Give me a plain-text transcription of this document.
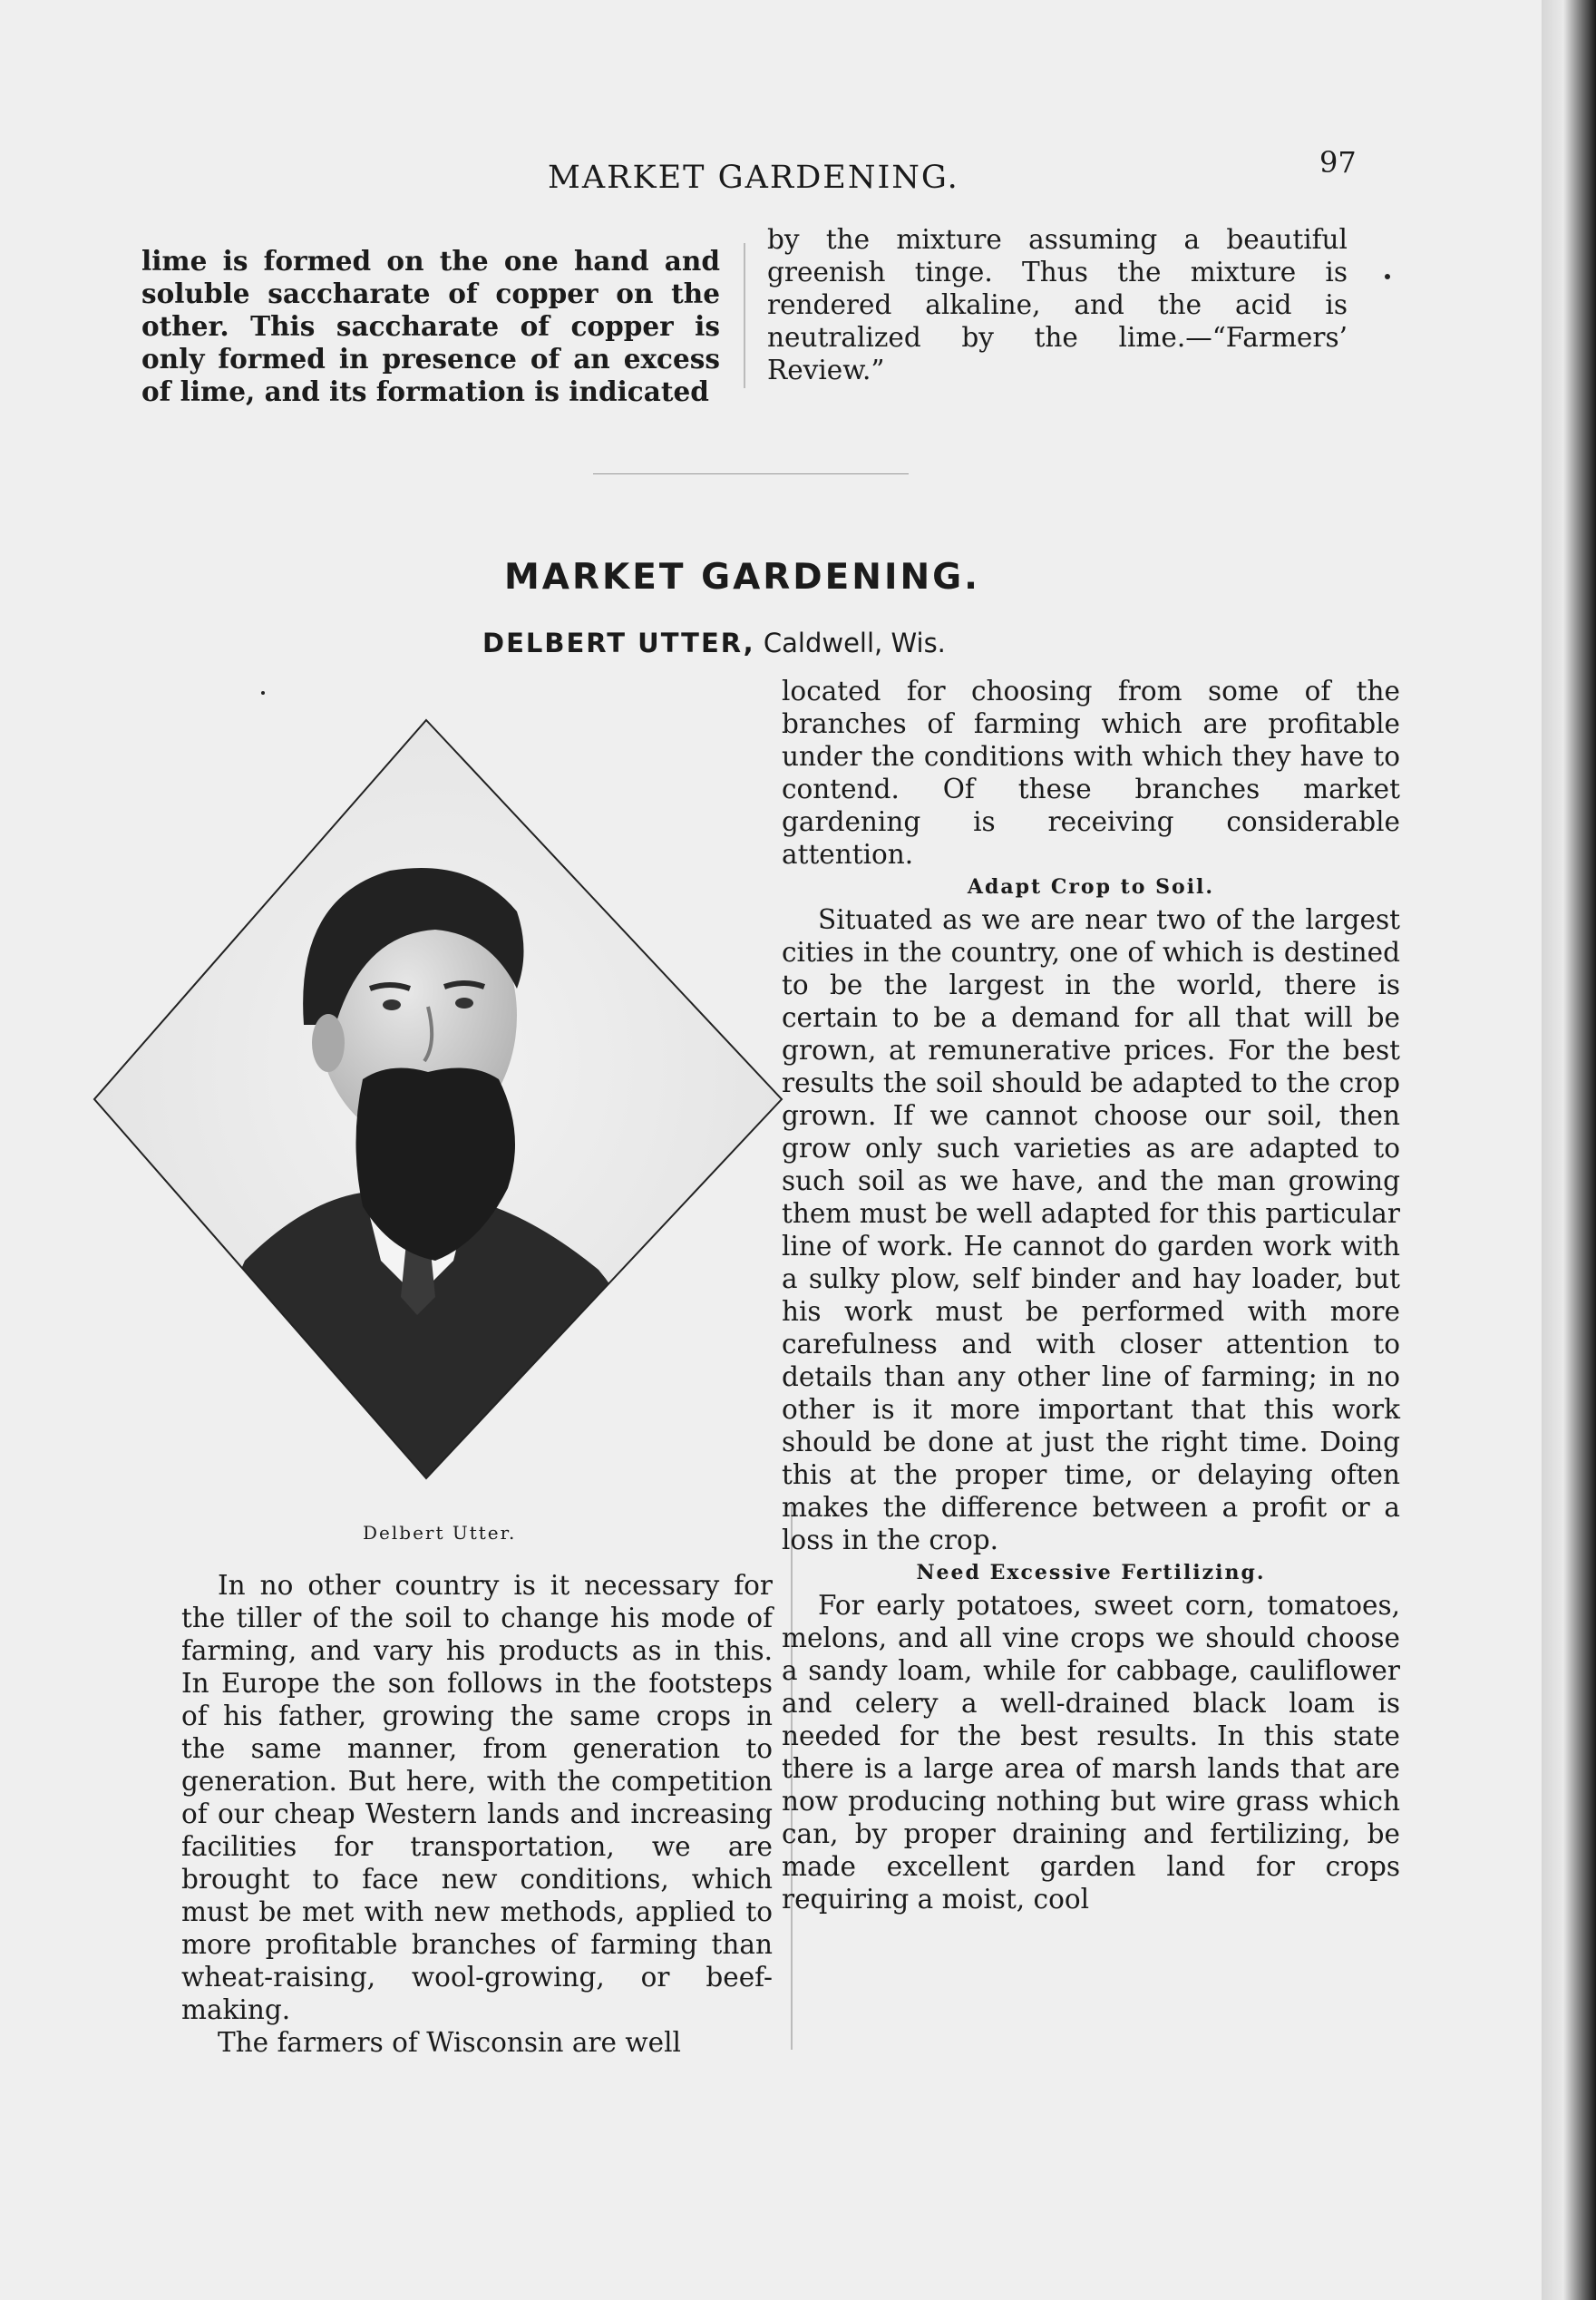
MARKET GARDENING.	97

lime is formed on the one hand and soluble saccharate of copper on the other. This saccharate of copper is only formed in presence of an excess of lime, and its formation is indicated

by the mixture assuming a beautiful greenish tinge. Thus the mixture is rendered alkaline, and the acid is neutralized by the lime.—“Farmers’ Review.”

MARKET GARDENING.
DELBERT UTTER, Caldwell, Wis.
Delbert Utter.

In no other country is it necessary for the tiller of the soil to change his mode of farming, and vary his products as in this. In Europe the son follows in the footsteps of his father, growing the same crops in the same manner, from generation to generation. But here, with the competition of our cheap Western lands and increasing facilities for transportation, we are brought to face new conditions, which must be met with new methods, applied to more profitable branches of farming than wheat-raising, wool-growing, or beef-making.

The farmers of Wisconsin are well

located for choosing from some of the branches of farming which are profitable under the conditions with which they have to contend. Of these branches market gardening is receiving considerable attention.

Adapt Crop to Soil.

Situated as we are near two of the largest cities in the country, one of which is destined to be the largest in the world, there is certain to be a demand for all that will be grown, at remunerative prices. For the best results the soil should be adapted to the crop grown. If we cannot choose our soil, then grow only such varieties as are adapted to such soil as we have, and the man growing them must be well adapted for this particular line of work. He cannot do garden work with a sulky plow, self binder and hay loader, but his work must be performed with more carefulness and with closer attention to details than any other line of farming; in no other is it more important that this work should be done at just the right time. Doing this at the proper time, or delaying often makes the difference between a profit or a loss in the crop.

Need Excessive Fertilizing.

For early potatoes, sweet corn, tomatoes, melons, and all vine crops we should choose a sandy loam, while for cabbage, cauliflower and celery a well-drained black loam is needed for the best results. In this state there is a large area of marsh lands that are now producing nothing but wire grass which can, by proper draining and fertilizing, be made excellent garden land for crops requiring a moist, cool
